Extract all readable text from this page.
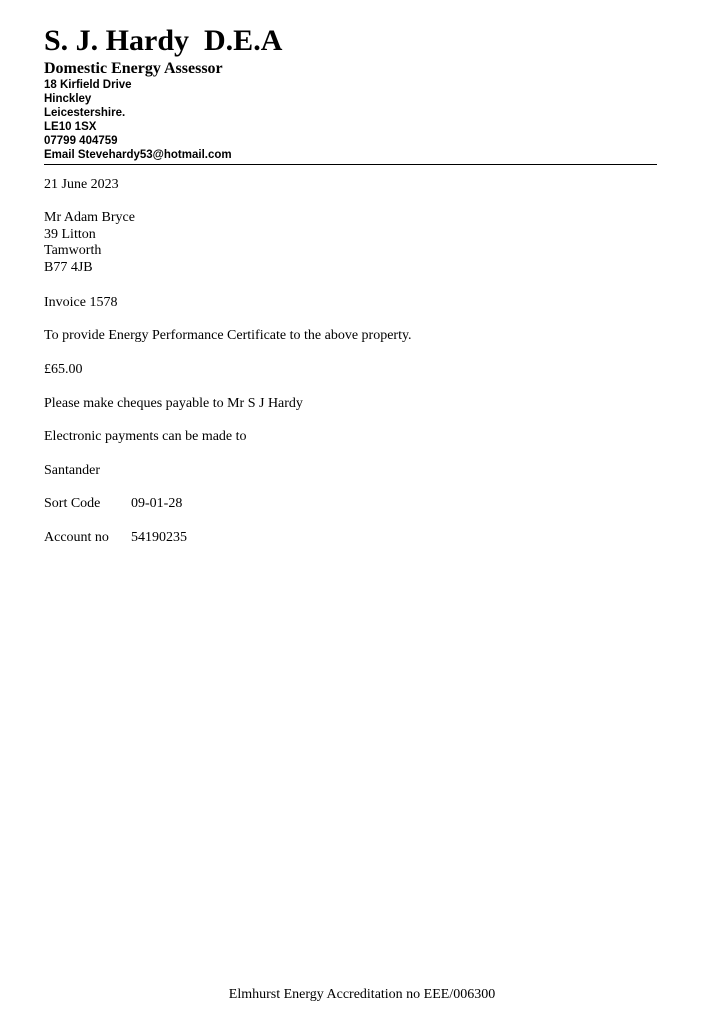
S. J. Hardy  D.E.A
Domestic Energy Assessor
18 Kirfield Drive
Hinckley
Leicestershire.
LE10 1SX
07799 404759
Email Stevehardy53@hotmail.com
21 June 2023
Mr Adam Bryce
39 Litton
Tamworth
B77 4JB
Invoice 1578
To provide Energy Performance Certificate to the above property.
£65.00
Please make cheques payable to Mr S J Hardy
Electronic payments can be made to
Santander
Sort Code 09-01-28
Account no 54190235
Elmhurst Energy Accreditation no EEE/006300
